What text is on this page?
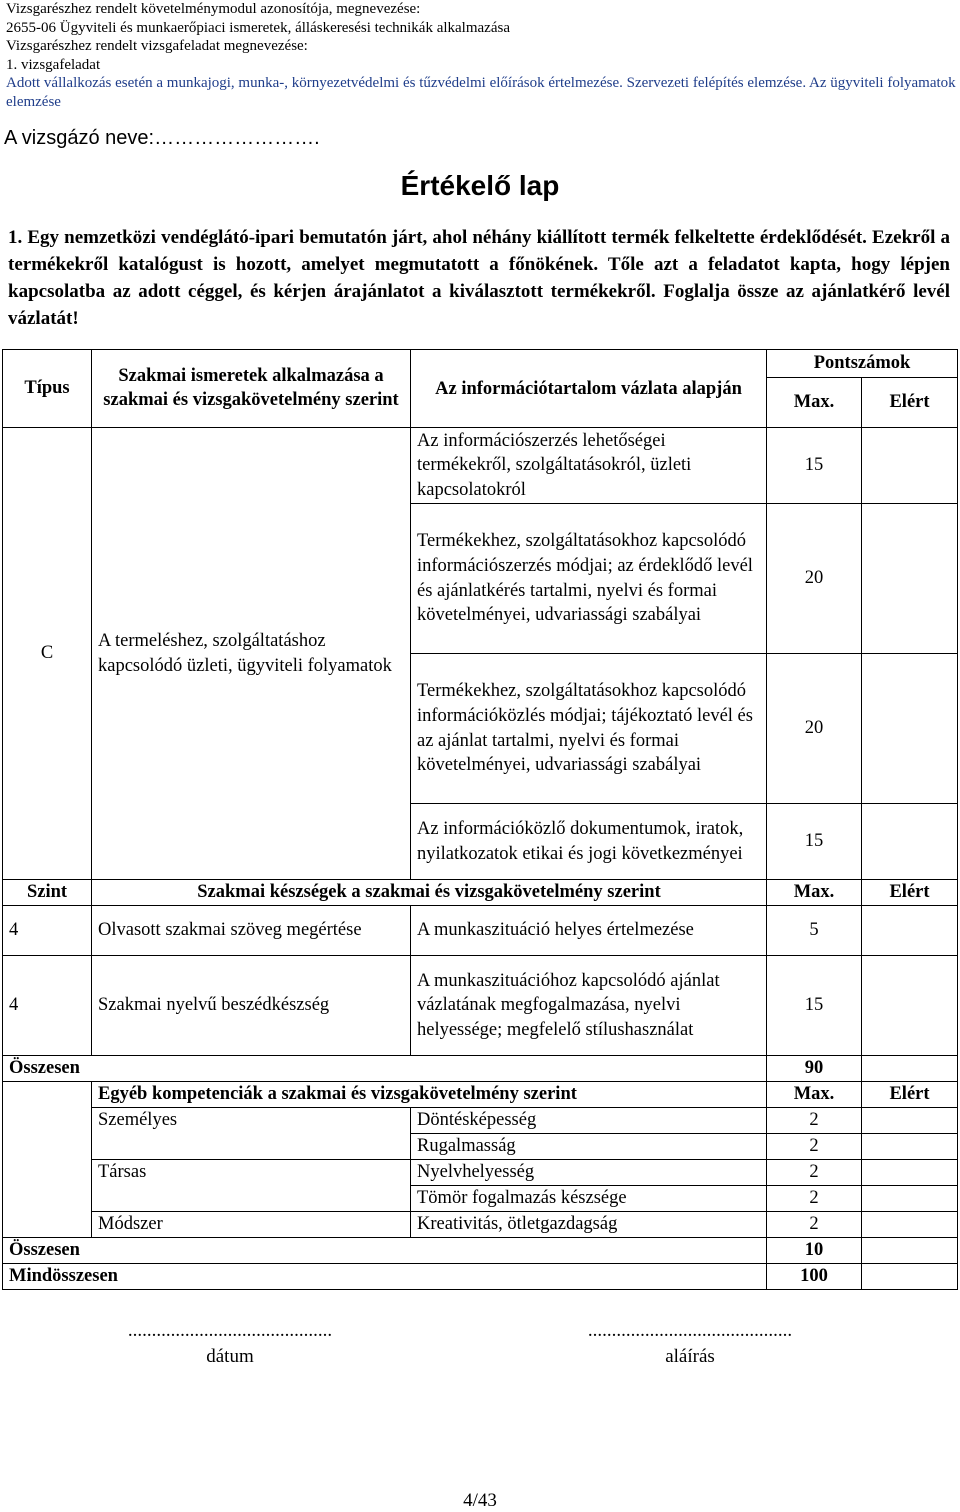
Vizsgarészhez rendelt követelménymodul azonosítója, megnevezése:
2655-06 Ügyviteli és munkaerőpiaci ismeretek, álláskeresési technikák alkalmazása
Vizsgarészhez rendelt vizsgafeladat megnevezése:
1. vizsgafeladat
Adott vállalkozás esetén a munkajogi, munka-, környezetvédelmi és tűzvédelmi előírások értelmezése. Szervezeti felépítés elemzése. Az ügyviteli folyamatok elemzése
A vizsgázó neve:…………………….
Értékelő lap
1. Egy nemzetközi vendéglátó-ipari bemutatón járt, ahol néhány kiállított termék felkeltette érdeklődését. Ezekről a termékekről katalógust is hozott, amelyet megmutatott a főnökének. Tőle azt a feladatot kapta, hogy lépjen kapcsolatba az adott céggel, és kérjen árajánlatot a kiválasztott termékekről. Foglalja össze az ajánlatkérő levél vázlatát!
Típus	Szakmai ismeretek alkalmazása a szakmai és vizsgakövetelmény szerint	Az információtartalom vázlata alapján	Pontszámok	
			Max.	Elért
C	A termeléshez, szolgáltatáshoz kapcsolódó üzleti, ügyviteli folyamatok	Az információszerzés lehetőségei termékekről, szolgáltatásokról, üzleti kapcsolatokról	15	
		Termékekhez, szolgáltatásokhoz kapcsolódó információszerzés módjai; az érdeklődő levél és ajánlatkérés tartalmi, nyelvi és formai követelményei, udvariassági szabályai	20	
		Termékekhez, szolgáltatásokhoz kapcsolódó információközlés módjai; tájékoztató levél és az ajánlat tartalmi, nyelvi és formai követelményei, udvariassági szabályai	20	
		Az információközlő dokumentumok, iratok, nyilatkozatok etikai és jogi következményei	15	
Szint	Szakmai készségek a szakmai és vizsgakövetelmény szerint		Max.	Elért
4	Olvasott szakmai szöveg megértése	A munkaszituáció helyes értelmezése	5	
4	Szakmai nyelvű beszédkészség	A munkaszituációhoz kapcsolódó ajánlat vázlatának megfogalmazása, nyelvi helyessége; megfelelő stílushasználat	15	
Összesen			90	
	Egyéb kompetenciák a szakmai és vizsgakövetelmény szerint		Max.	Elért
	Személyes	Döntésképesség	2	
		Rugalmasság	2	
	Társas	Nyelvhelyesség	2	
		Tömör fogalmazás készsége	2	
	Módszer	Kreativitás, ötletgazdagság	2	
Összesen			10	
Mindösszesen			100	
...........................................
dátum
...........................................
aláírás
4/43
